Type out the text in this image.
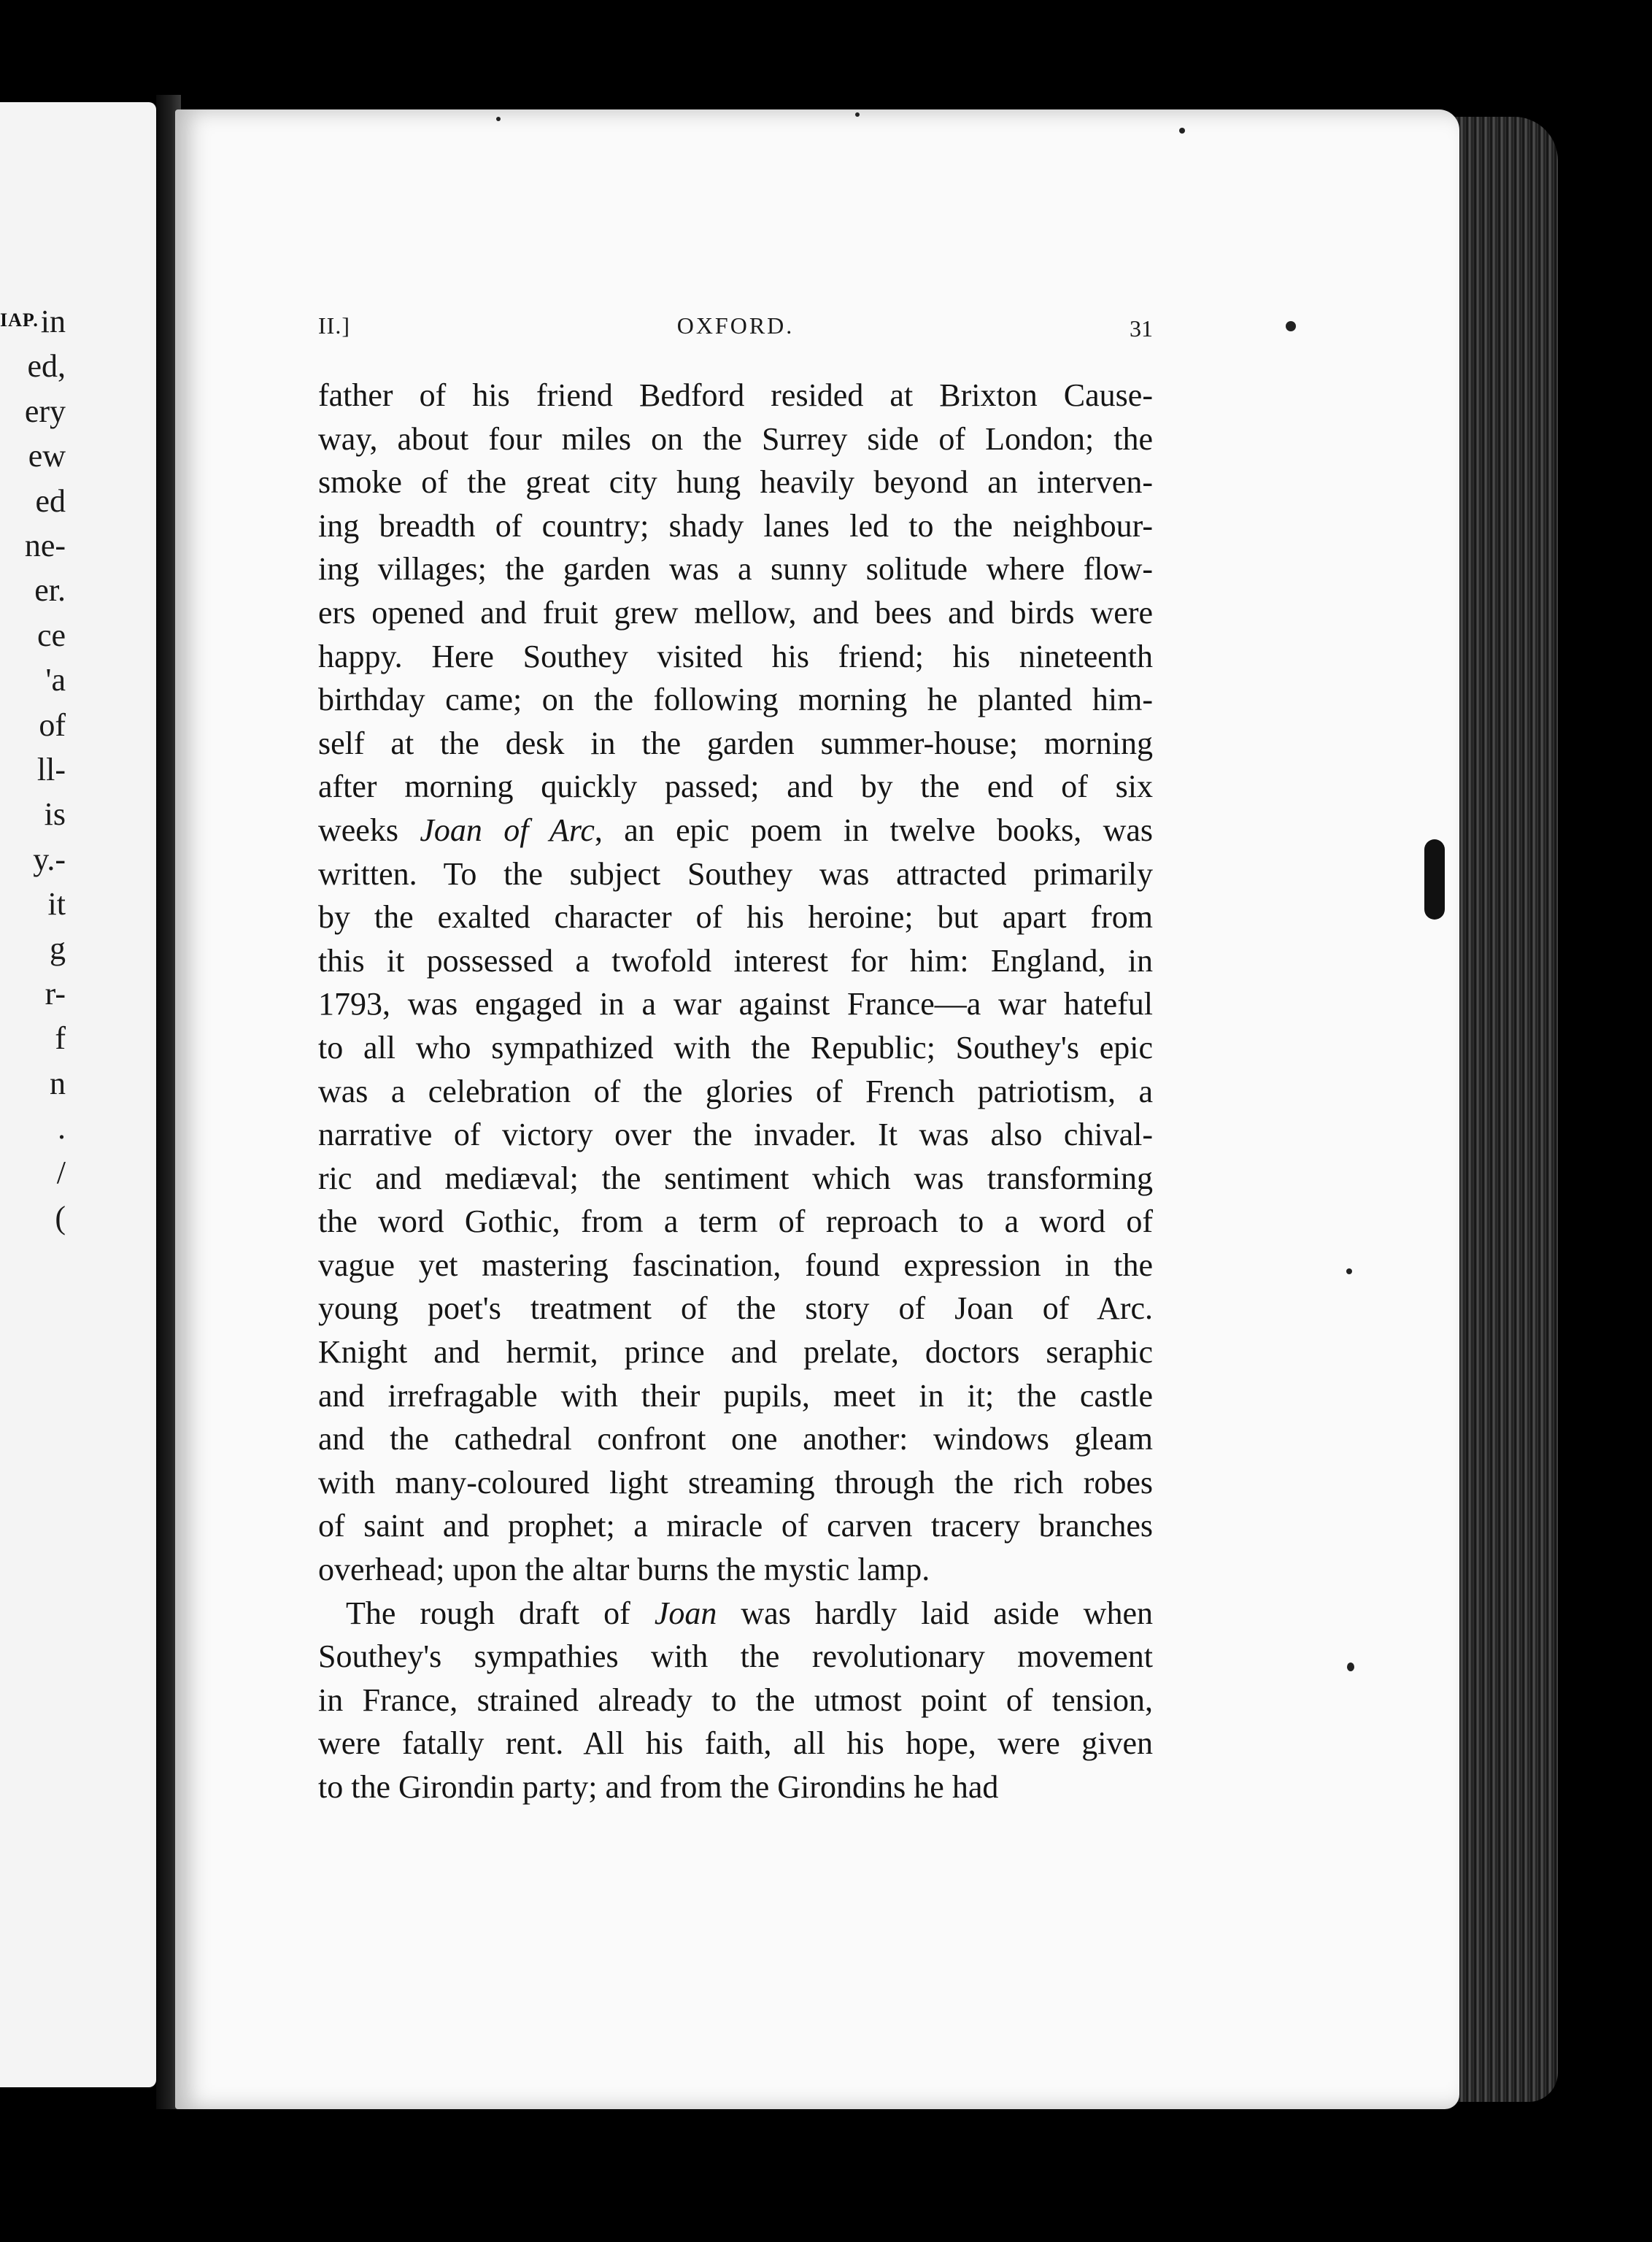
IAP. in
ed,
ery
ew
ed
ne-
er.
ce
'a
of
ll-
is
y.-
it
g
r-
f
n
.
/
(
II.]	OXFORD.	31
father of his friend Bedford resided at Brixton Cause-
way, about four miles on the Surrey side of London; the
smoke of the great city hung heavily beyond an interven-
ing breadth of country; shady lanes led to the neighbour-
ing villages; the garden was a sunny solitude where flow-
ers opened and fruit grew mellow, and bees and birds were
happy. Here Southey visited his friend; his nineteenth
birthday came; on the following morning he planted him-
self at the desk in the garden summer-house; morning
after morning quickly passed; and by the end of six
weeks Joan of Arc, an epic poem in twelve books, was
written. To the subject Southey was attracted primarily
by the exalted character of his heroine; but apart from
this it possessed a twofold interest for him: England, in
1793, was engaged in a war against France—a war hateful
to all who sympathized with the Republic; Southey's epic
was a celebration of the glories of French patriotism, a
narrative of victory over the invader. It was also chival-
ric and mediæval; the sentiment which was transforming
the word Gothic, from a term of reproach to a word of
vague yet mastering fascination, found expression in the
young poet's treatment of the story of Joan of Arc.
Knight and hermit, prince and prelate, doctors seraphic
and irrefragable with their pupils, meet in it; the castle
and the cathedral confront one another: windows gleam
with many-coloured light streaming through the rich robes
of saint and prophet; a miracle of carven tracery branches
overhead; upon the altar burns the mystic lamp.
The rough draft of Joan was hardly laid aside when
Southey's sympathies with the revolutionary movement
in France, strained already to the utmost point of tension,
were fatally rent. All his faith, all his hope, were given
to the Girondin party; and from the Girondins he had
